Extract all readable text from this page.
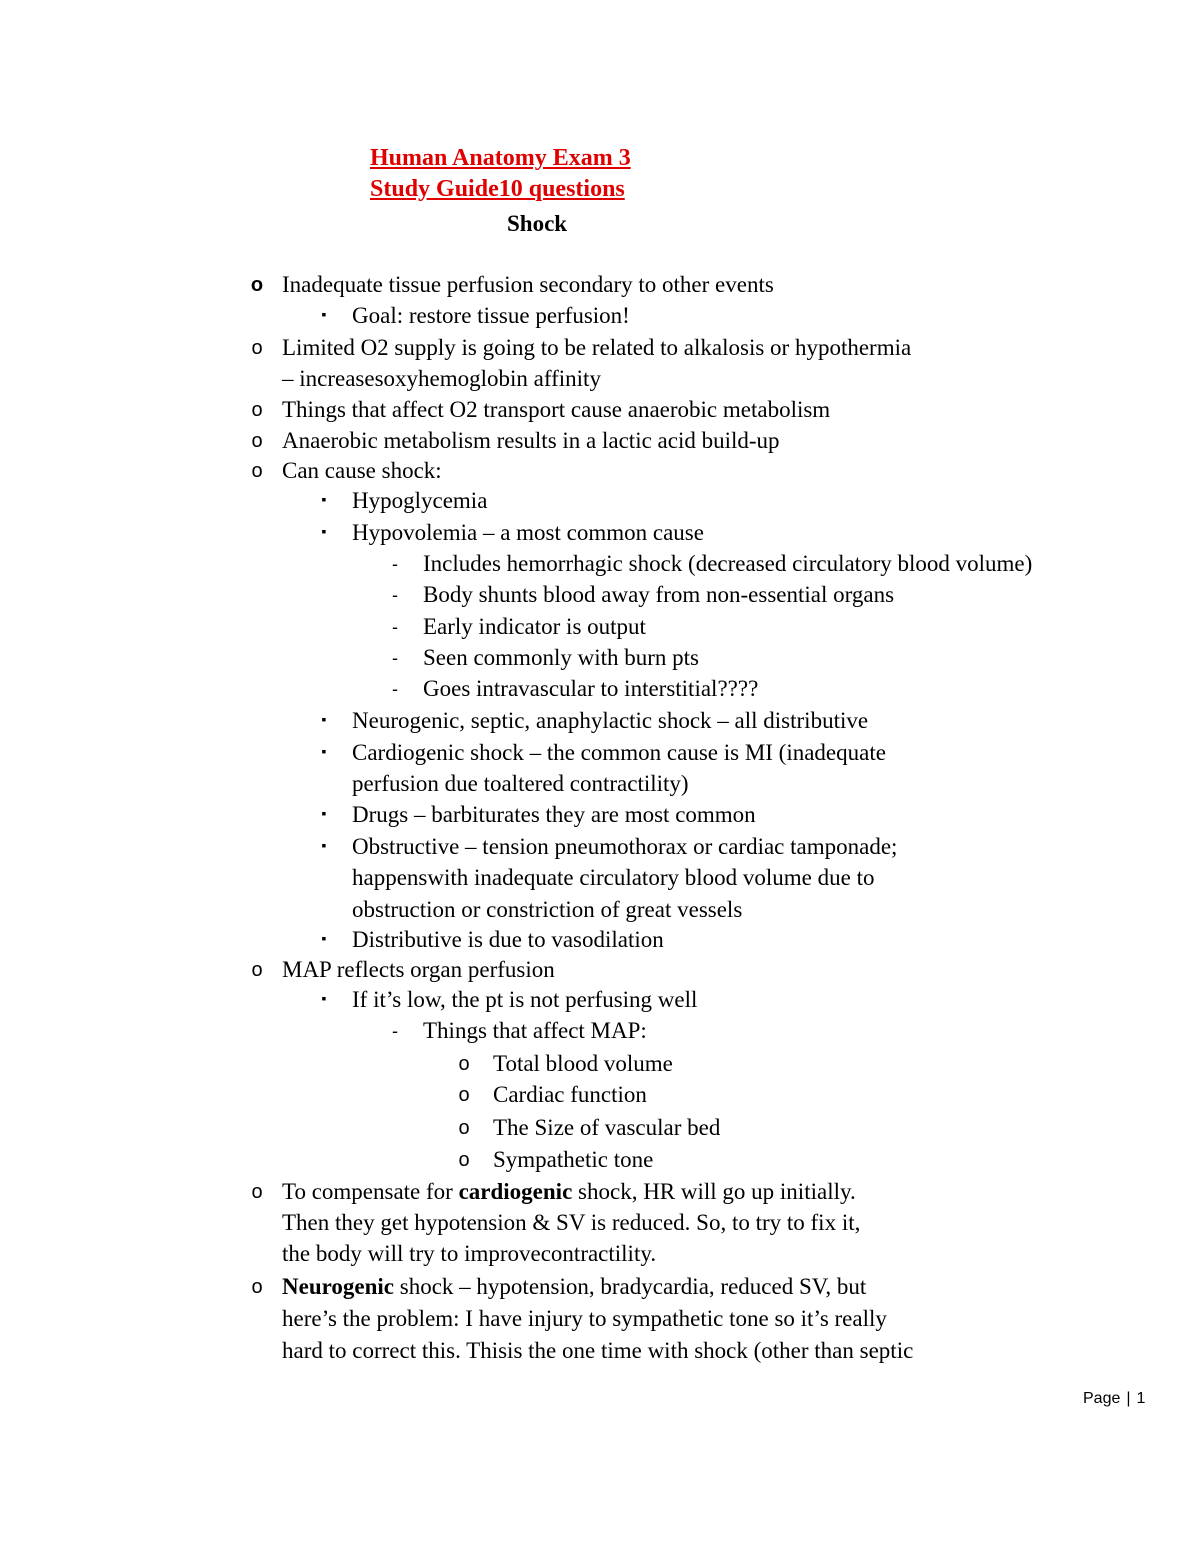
Human Anatomy Exam 3
Study Guide10 questions
Shock
o Inadequate tissue perfusion secondary to other events
▪ Goal: restore tissue perfusion!
o Limited O2 supply is going to be related to alkalosis or hypothermia
– increasesoxyhemoglobin affinity
o Things that affect O2 transport cause anaerobic metabolism
o Anaerobic metabolism results in a lactic acid build-up
o Can cause shock:
▪ Hypoglycemia
▪ Hypovolemia – a most common cause
- Includes hemorrhagic shock (decreased circulatory blood volume)
- Body shunts blood away from non-essential organs
- Early indicator is output
- Seen commonly with burn pts
- Goes intravascular to interstitial????
▪ Neurogenic, septic, anaphylactic shock – all distributive
▪ Cardiogenic shock – the common cause is MI (inadequate
perfusion due toaltered contractility)
▪ Drugs – barbiturates they are most common
▪ Obstructive – tension pneumothorax or cardiac tamponade;
happenswith inadequate circulatory blood volume due to
obstruction or constriction of great vessels
▪ Distributive is due to vasodilation
o MAP reflects organ perfusion
▪ If it’s low, the pt is not perfusing well
- Things that affect MAP:
o Total blood volume
o Cardiac function
o The Size of vascular bed
o Sympathetic tone
o To compensate for cardiogenic shock, HR will go up initially.
Then they get hypotension & SV is reduced. So, to try to fix it,
the body will try to improvecontractility.
o Neurogenic shock – hypotension, bradycardia, reduced SV, but
here’s the problem: I have injury to sympathetic tone so it’s really
hard to correct this. Thisis the one time with shock (other than septic
Page | 1
